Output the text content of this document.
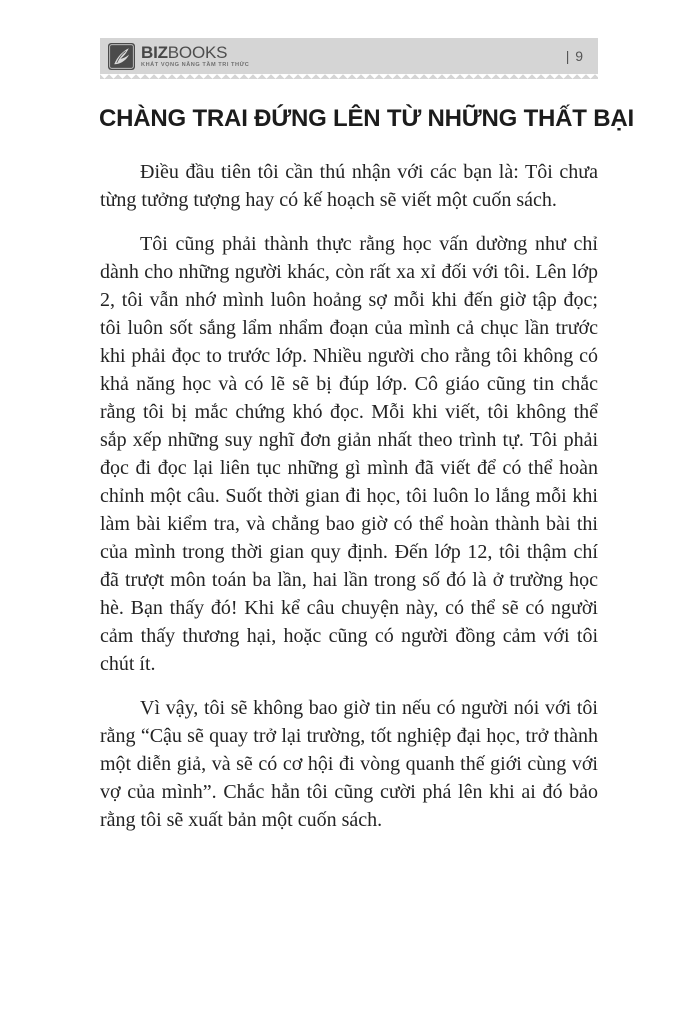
BIZBOOKS
KHÁT VỌNG NÂNG TẦM TRI THỨC
| 9
CHÀNG TRAI ĐỨNG LÊN TỪ NHỮNG THẤT BẠI

Điều đầu tiên tôi cần thú nhận với các bạn là: Tôi chưa từng tưởng tượng hay có kế hoạch sẽ viết một cuốn sách.

Tôi cũng phải thành thực rằng học vấn dường như chỉ dành cho những người khác, còn rất xa xỉ đối với tôi. Lên lớp 2, tôi vẫn nhớ mình luôn hoảng sợ mỗi khi đến giờ tập đọc; tôi luôn sốt sắng lẩm nhẩm đoạn của mình cả chục lần trước khi phải đọc to trước lớp. Nhiều người cho rằng tôi không có khả năng học và có lẽ sẽ bị đúp lớp. Cô giáo cũng tin chắc rằng tôi bị mắc chứng khó đọc. Mỗi khi viết, tôi không thể sắp xếp những suy nghĩ đơn giản nhất theo trình tự. Tôi phải đọc đi đọc lại liên tục những gì mình đã viết để có thể hoàn chỉnh một câu. Suốt thời gian đi học, tôi luôn lo lắng mỗi khi làm bài kiểm tra, và chẳng bao giờ có thể hoàn thành bài thi của mình trong thời gian quy định. Đến lớp 12, tôi thậm chí đã trượt môn toán ba lần, hai lần trong số đó là ở trường học hè. Bạn thấy đó! Khi kể câu chuyện này, có thể sẽ có người cảm thấy thương hại, hoặc cũng có người đồng cảm với tôi chút ít.

Vì vậy, tôi sẽ không bao giờ tin nếu có người nói với tôi rằng “Cậu sẽ quay trở lại trường, tốt nghiệp đại học, trở thành một diễn giả, và sẽ có cơ hội đi vòng quanh thế giới cùng với vợ của mình”. Chắc hẳn tôi cũng cười phá lên khi ai đó bảo rằng tôi sẽ xuất bản một cuốn sách.
